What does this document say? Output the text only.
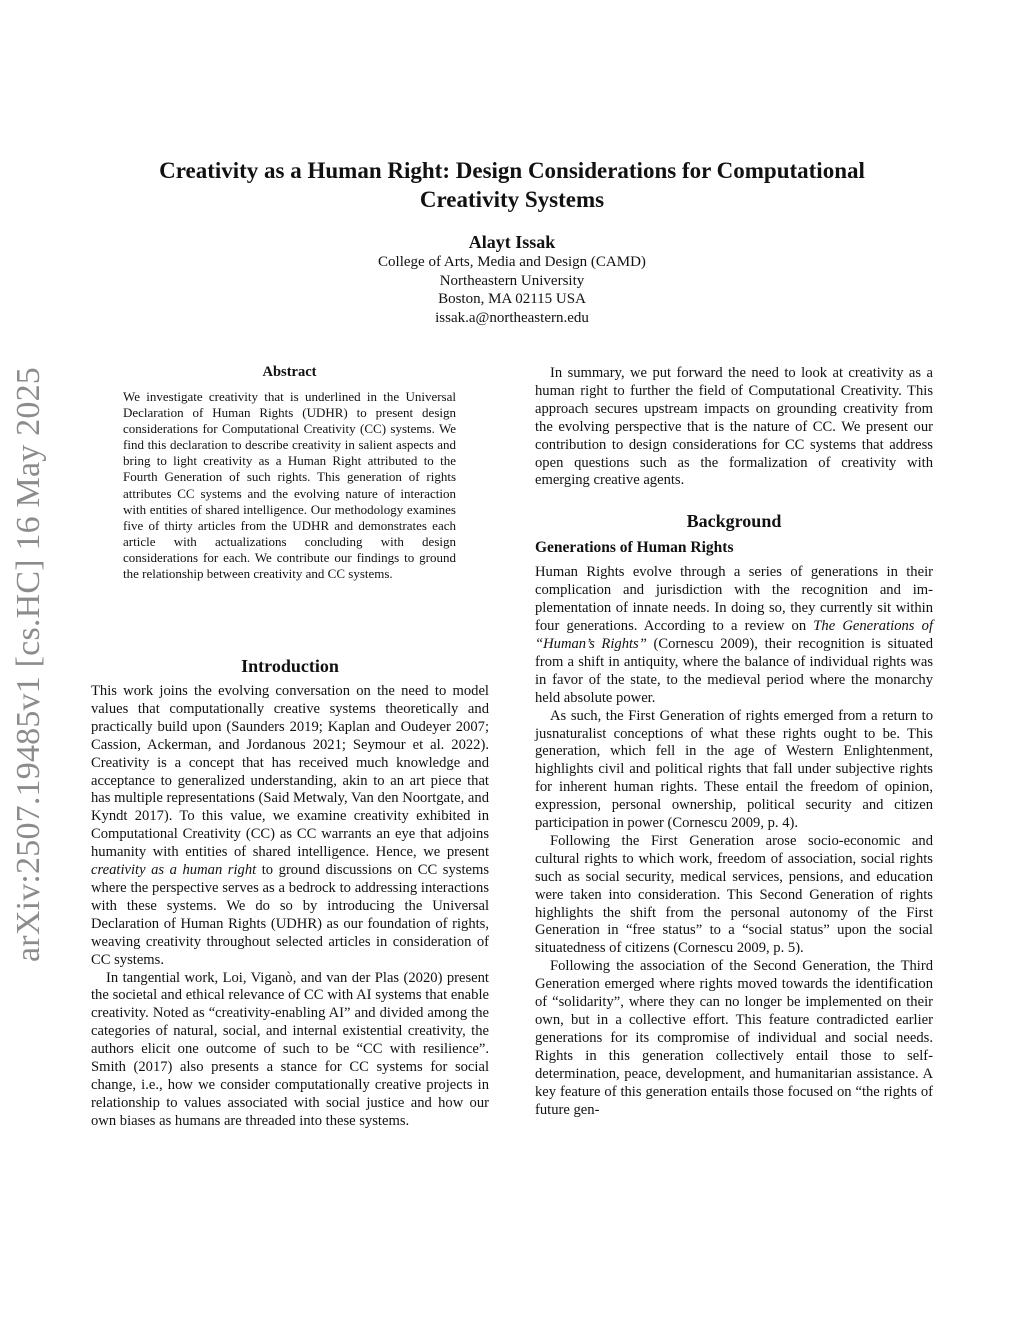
arXiv:2507.19485v1 [cs.HC] 16 May 2025
Creativity as a Human Right: Design Considerations for Computational
Creativity Systems
Alayt Issak
College of Arts, Media and Design (CAMD)
Northeastern University
Boston, MA 02115 USA
issak.a@northeastern.edu
Abstract

We investigate creativity that is underlined in the Universal Declaration of Human Rights (UDHR) to present design considerations for Computational Creativity (CC) systems. We find this declaration to describe creativity in salient aspects and bring to light creativity as a Human Right attributed to the Fourth Generation of such rights. This generation of rights attributes CC systems and the evolving nature of interaction with entities of shared intelligence. Our methodology examines five of thirty articles from the UDHR and demonstrates each article with actualizations concluding with design considerations for each. We contribute our findings to ground the relationship between creativity and CC systems.

Introduction

This work joins the evolving conversation on the need to model values that computationally creative systems theoretically and practically build upon (Saunders 2019; Kaplan and Oudeyer 2007; Cassion, Ackerman, and Jordanous 2021; Seymour et al. 2022). Creativity is a concept that has received much knowledge and acceptance to generalized understanding, akin to an art piece that has multiple representations (Said Metwaly, Van den Noortgate, and Kyndt 2017). To this value, we examine creativity exhibited in Computational Creativity (CC) as CC warrants an eye that adjoins humanity with entities of shared intelligence. Hence, we present creativity as a human right to ground discussions on CC systems where the perspective serves as a bedrock to addressing interactions with these systems. We do so by introducing the Universal Declaration of Human Rights (UDHR) as our foundation of rights, weaving creativity throughout selected articles in consideration of CC systems.

In tangential work, Loi, Viganò, and van der Plas (2020) present the societal and ethical relevance of CC with AI systems that enable creativity. Noted as “creativity-enabling AI” and divided among the categories of natural, social, and internal existential creativity, the authors elicit one outcome of such to be “CC with resilience”. Smith (2017) also presents a stance for CC systems for social change, i.e., how we consider computationally creative projects in relationship to values associated with social justice and how our own biases as humans are threaded into these systems.

In summary, we put forward the need to look at creativity as a human right to further the field of Computational Creativity. This approach secures upstream impacts on grounding creativity from the evolving perspective that is the nature of CC. We present our contribution to design considerations for CC systems that address open questions such as the formalization of creativity with emerging creative agents.

Background
Generations of Human Rights

Human Rights evolve through a series of generations in their complication and jurisdiction with the recognition and implementation of innate needs. In doing so, they currently sit within four generations. According to a review on The Generations of “Human’s Rights” (Cornescu 2009), their recognition is situated from a shift in antiquity, where the balance of individual rights was in favor of the state, to the medieval period where the monarchy held absolute power.

As such, the First Generation of rights emerged from a return to jusnaturalist conceptions of what these rights ought to be. This generation, which fell in the age of Western Enlightenment, highlights civil and political rights that fall under subjective rights for inherent human rights. These entail the freedom of opinion, expression, personal ownership, political security and citizen participation in power (Cornescu 2009, p. 4).

Following the First Generation arose socio-economic and cultural rights to which work, freedom of association, social rights such as social security, medical services, pensions, and education were taken into consideration. This Second Generation of rights highlights the shift from the personal autonomy of the First Generation in “free status” to a “social status” upon the social situatedness of citizens (Cornescu 2009, p. 5).

Following the association of the Second Generation, the Third Generation emerged where rights moved towards the identification of “solidarity”, where they can no longer be implemented on their own, but in a collective effort. This feature contradicted earlier generations for its compromise of individual and social needs. Rights in this generation collectively entail those to self-determination, peace, development, and humanitarian assistance. A key feature of this generation entails those focused on “the rights of future gen-
